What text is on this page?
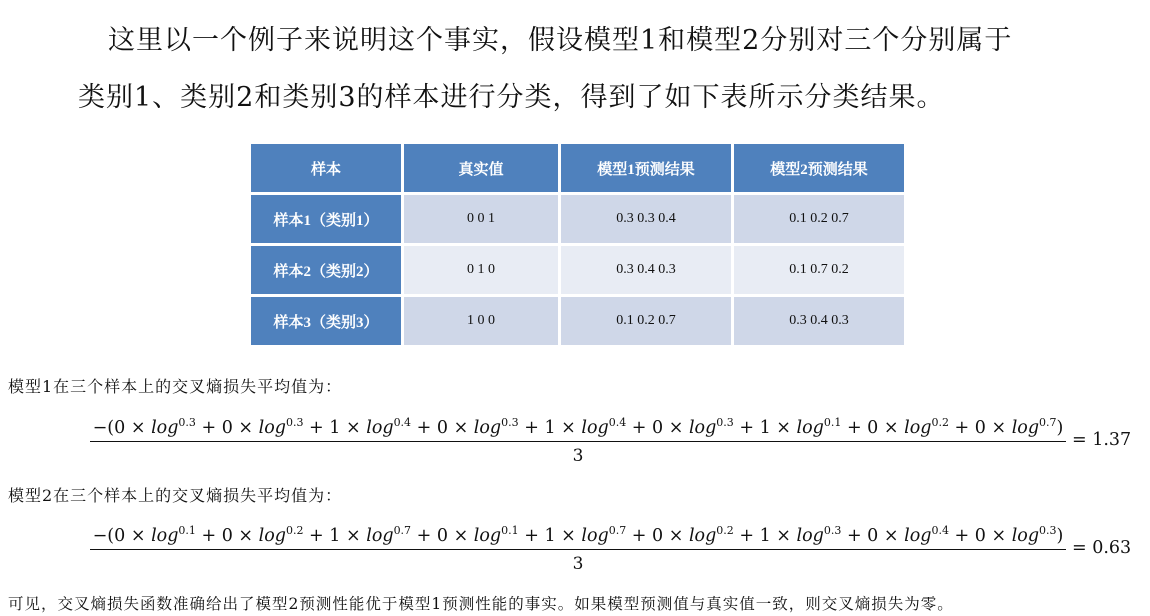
这里以一个例子来说明这个事实，假设模型1和模型2分别对三个分别属于
类别1、类别2和类别3的样本进行分类，得到了如下表所示分类结果。
样本	真实值	模型1预测结果	模型2预测结果
样本1（类别1）	0 0 1	0.3 0.3 0.4	0.1 0.2 0.7
样本2（类别2）	0 1 0	0.3 0.4 0.3	0.1 0.7 0.2
样本3（类别3）	1 0 0	0.1 0.2 0.7	0.3 0.4 0.3
模型1在三个样本上的交叉熵损失平均值为：
$-(0 \times \log^{0.3} + 0 \times \log^{0.3} + 1 \times \log^{0.4} + 0 \times \log^{0.3} + 1 \times \log^{0.4} + 0 \times \log^{0.3} + 1 \times \log^{0.1} + 0 \times \log^{0.2} + 0 \times \log^{0.7})$
3
= 1.37
模型2在三个样本上的交叉熵损失平均值为：
$-(0 \times \log^{0.1} + 0 \times \log^{0.2} + 1 \times \log^{0.7} + 0 \times \log^{0.1} + 1 \times \log^{0.7} + 0 \times \log^{0.2} + 1 \times \log^{0.3} + 0 \times \log^{0.4} + 0 \times \log^{0.3})$
3
= 0.63
可见，交叉熵损失函数准确给出了模型2预测性能优于模型1预测性能的事实。如果模型预测值与真实值一致，则交叉熵损失为零。
